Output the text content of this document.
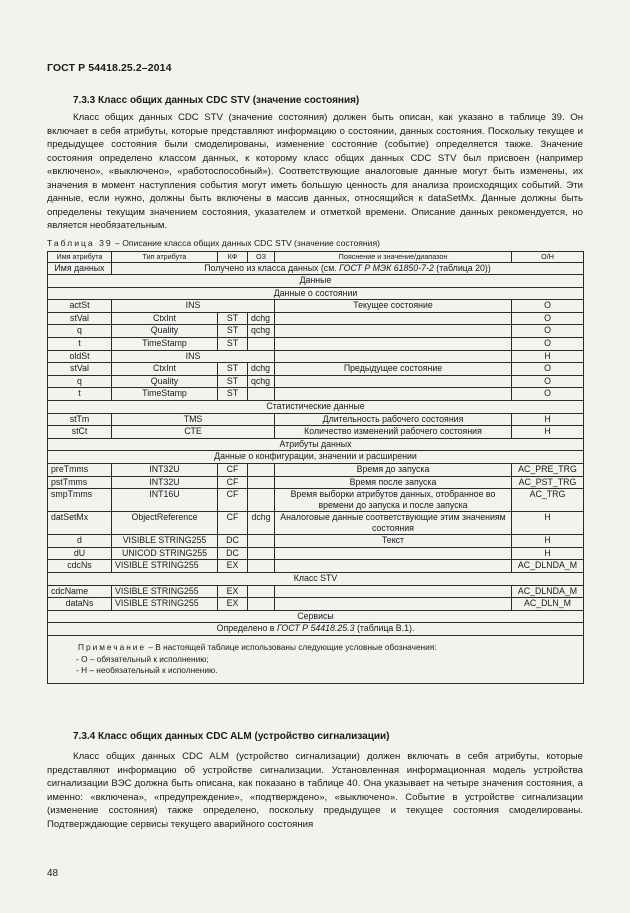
ГОСТ Р 54418.25.2–2014
7.3.3 Класс общих данных CDC STV (значение состояния)

Класс общих данных CDC STV (значение состояния) должен быть описан, как указано в таблице 39. Он включает в себя атрибуты, которые представляют информацию о состоянии, данных состояния. Поскольку текущее и предыдущее состояния были смоделированы, изменение состояние (событие) определяется также. Значение состояния определено классом данных, к которому класс общих данных CDC STV был присвоен (например «включено», «выключено», «работоспособный»). Соответствующие аналоговые данные могут быть изменены, их значения в момент наступления события могут иметь большую ценность для анализа происходящих событий. Эти данные, если нужно, должны быть включены в массив данных, относящийся к dataSetMx. Данные должны быть определены текущим значением состояния, указателем и отметкой времени. Описание данных рекомендуется, но является необязательным.

Таблица 39 – Описание класса общих данных CDC STV (значение состояния)
Имя атрибута	Тип атрибута	КФ	ОЗ	Пояснение и значение/диапазон	О/Н
Имя данных	Получено из класса данных (см. ГОСТ Р МЭК 61850-7-2 (таблица 20))				
Данные					
Данные о состоянии					
actSt	INS			Текущее состояние	O
stVal	CtxInt	ST	dchg		O
q	Quality	ST	qchg		O
t	TimeStamp	ST			O
oldSt	INS				H
stVal	CtxInt	ST	dchg	Предыдущее состояние	O
q	Quality	ST	qchg		O
t	TimeStamp	ST			O
Статистические данные					
stTm	TMS			Длительность рабочего состояния	H
stCt	CTE			Количество изменений рабочего состояния	H
Атрибуты данных					
Данные о конфигурации, значении и расширении					
preTmms	INT32U	CF		Время до запуска	AC_PRE_TRG
pstTmms	INT32U	CF		Время после запуска	AC_PST_TRG
smpTmms	INT16U	CF		Время выборки атрибутов данных, отобранное во времени до запуска и после запуска	AC_TRG
datSetMx	ObjectReference	CF	dchg	Аналоговые данные соответствующие этим значениям состояния	H
d	VISIBLE STRING255	DC		Текст	H
dU	UNICOD STRING255	DC			H
cdcNs	VISIBLE STRING255	EX			AC_DLNDA_M
Класс STV					
cdcName	VISIBLE STRING255	EX			AC_DLNDA_M
dataNs	VISIBLE STRING255	EX			AC_DLN_M
Сервисы					
Определено в ГОСТ Р 54418.25.3 (таблица В.1).					

Примечание – В настоящей таблице использованы следующие условные обозначения:
- О – обязательный к исполнению;
- Н – необязательный к исполнению.					
7.3.4 Класс общих данных CDC ALM (устройство сигнализации)

Класс общих данных CDC ALM (устройство сигнализации) должен включать в себя атрибуты, которые представляют информацию об устройстве сигнализации. Установленная информационная модель устройства сигнализации ВЭС должна быть описана, как показано в таблице 40. Она указывает на четыре значения состояния, а именно: «включена», «предупреждение», «подтверждено», «выключено». Событие в устройстве сигнализации (изменение состояния) также определено, поскольку предыдущее и текущее состояния смоделированы. Подтверждающие сервисы текущего аварийного состояния

48
